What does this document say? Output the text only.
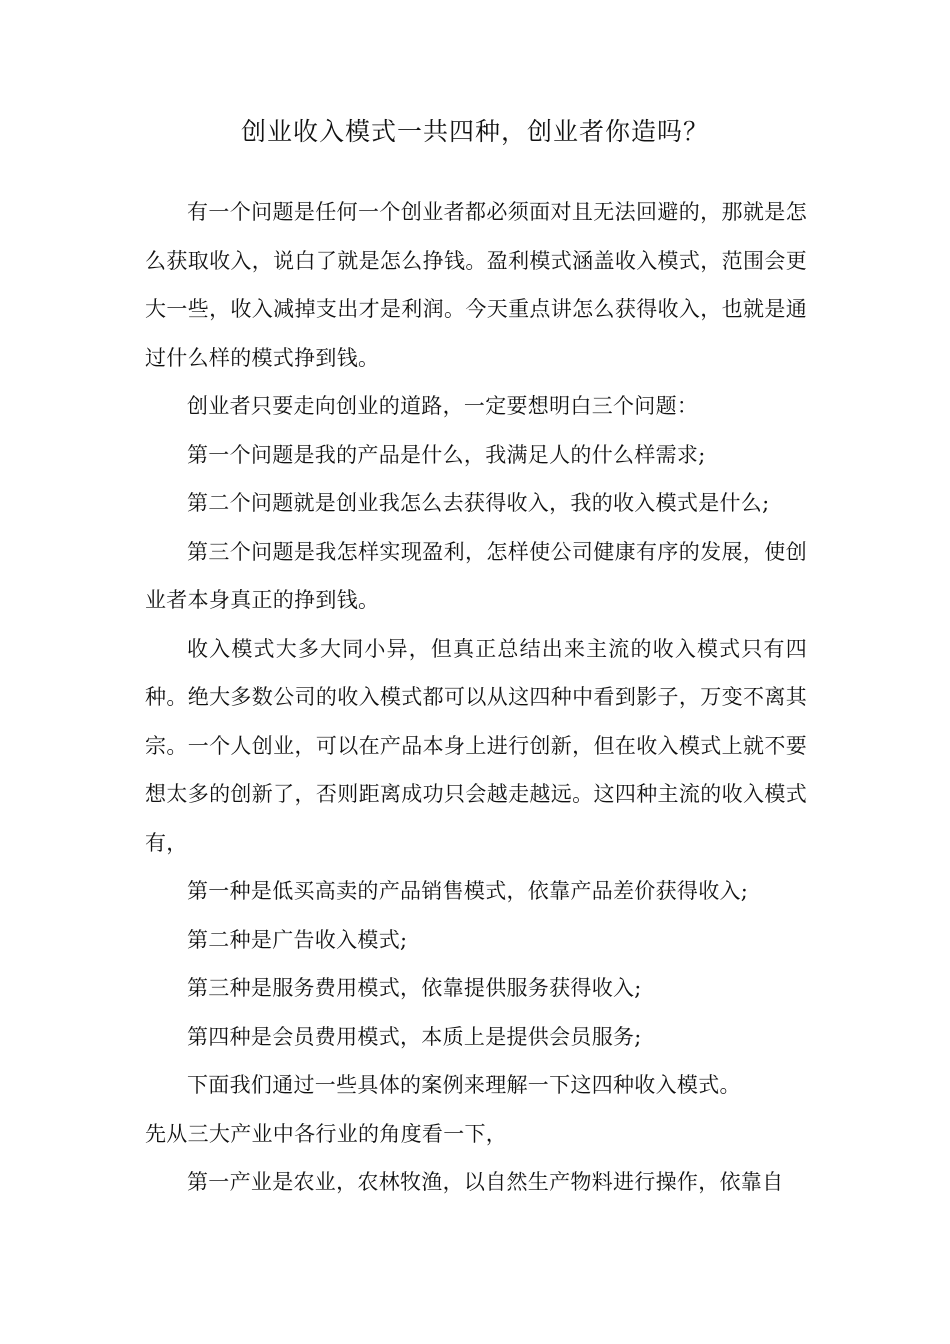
创业收入模式一共四种，创业者你造吗？

有一个问题是任何一个创业者都必须面对且无法回避的，那就是怎么获取收入，说白了就是怎么挣钱。盈利模式涵盖收入模式，范围会更大一些，收入减掉支出才是利润。今天重点讲怎么获得收入，也就是通过什么样的模式挣到钱。

创业者只要走向创业的道路，一定要想明白三个问题：

第一个问题是我的产品是什么，我满足人的什么样需求;

第二个问题就是创业我怎么去获得收入，我的收入模式是什么;

第三个问题是我怎样实现盈利，怎样使公司健康有序的发展，使创业者本身真正的挣到钱。

收入模式大多大同小异，但真正总结出来主流的收入模式只有四种。绝大多数公司的收入模式都可以从这四种中看到影子，万变不离其宗。一个人创业，可以在产品本身上进行创新，但在收入模式上就不要想太多的创新了，否则距离成功只会越走越远。这四种主流的收入模式有，

第一种是低买高卖的产品销售模式，依靠产品差价获得收入;

第二种是广告收入模式;

第三种是服务费用模式，依靠提供服务获得收入;

第四种是会员费用模式，本质上是提供会员服务;

下面我们通过一些具体的案例来理解一下这四种收入模式。

先从三大产业中各行业的角度看一下，

第一产业是农业，农林牧渔，以自然生产物料进行操作，依靠自
